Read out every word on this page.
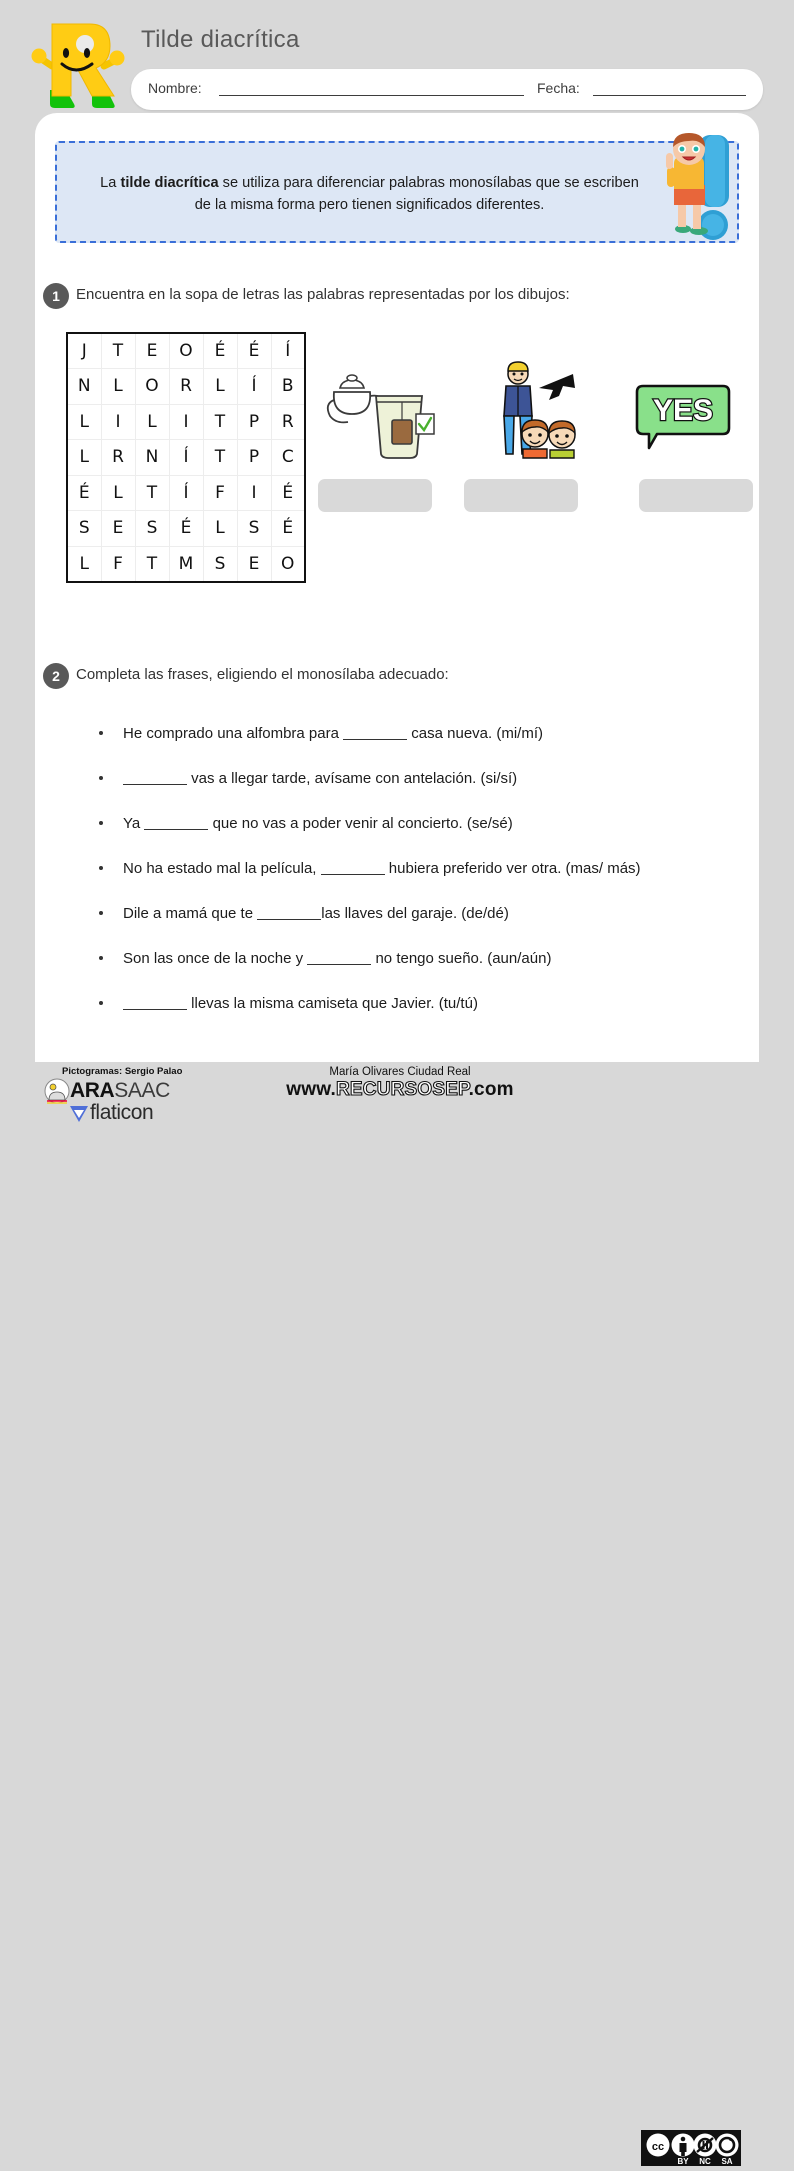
Tilde diacrítica
Nombre:	Fecha:
La tilde diacrítica se utiliza para diferenciar palabras monosílabas que se escriben de la misma forma pero tienen significados diferentes.
1	Encuentra en la sopa de letras las palabras representadas por los dibujos:
J	T	E	O	É	É	Í
N	L	O	R	L	Í	B
L	I	L	I	T	P	R
L	R	N	Í	T	P	C
É	L	T	Í	F	I	É
S	E	S	É	L	S	É
L	F	T	M	S	E	O
YES
2	Completa las frases, eligiendo el monosílaba adecuado:
He comprado una alfombra para	casa nueva. (mi/mí)
vas a llegar tarde, avísame con antelación. (si/sí)
Ya	que no vas a poder venir al concierto. (se/sé)
No ha estado mal la película,	hubiera preferido ver otra. (mas/ más)
Dile a mamá que te	las llaves del garaje. (de/dé)
Son las once de la noche y	no tengo sueño. (aun/aún)
llevas la misma camiseta que Javier. (tu/tú)
Pictogramas: Sergio Palao
ARASAAC
flaticon
María Olivares Ciudad Real
www.RECURSOSEP.com
cc
BY NC SA
